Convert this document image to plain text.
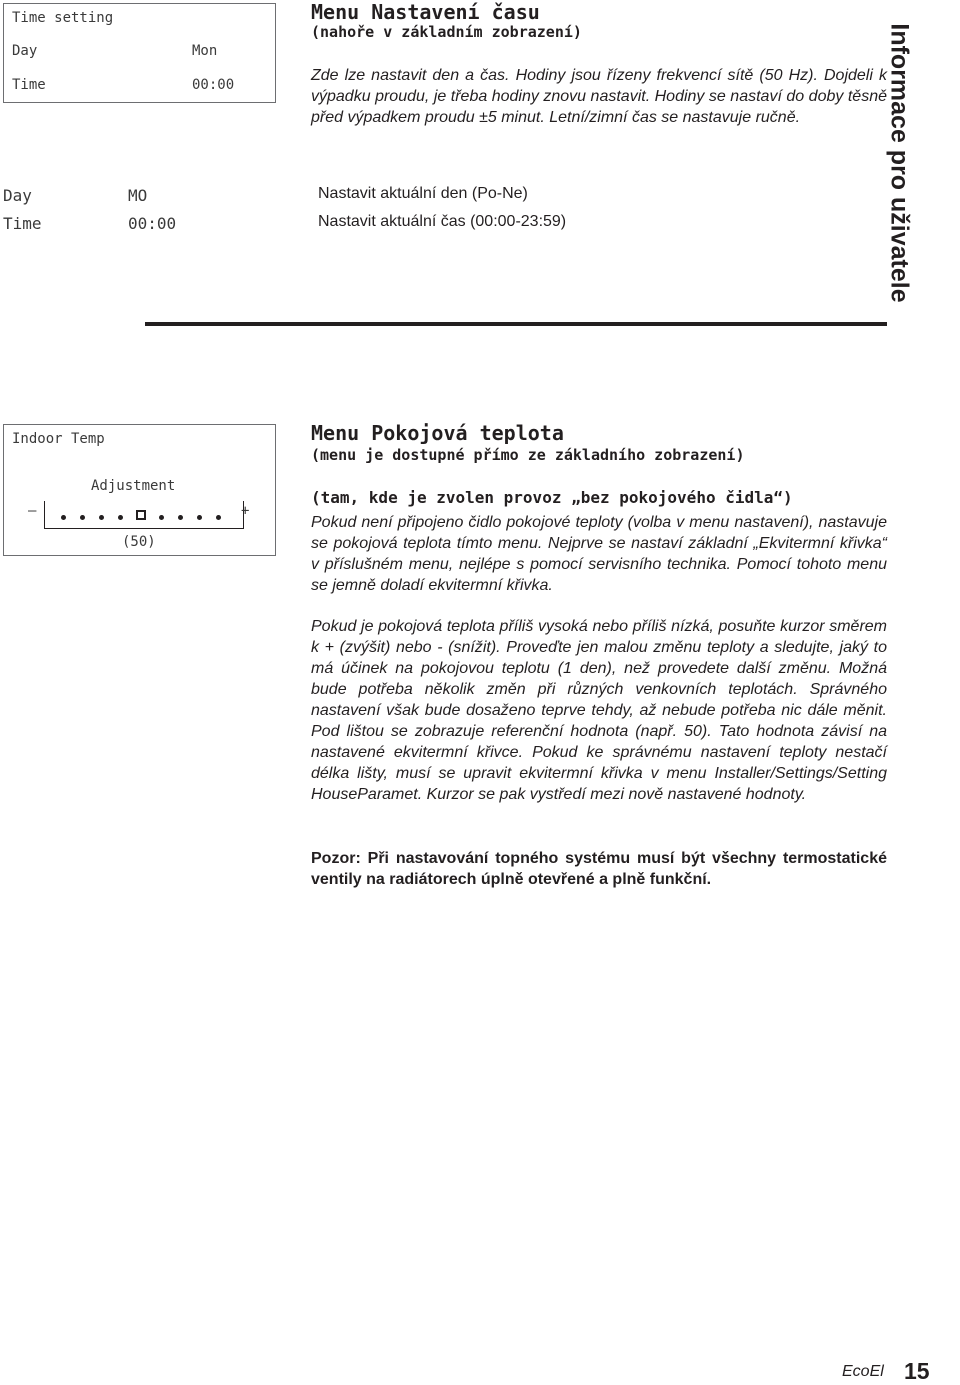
Informace pro uživatele
Time setting
Day	Mon
Time	00:00
Menu Nastavení času
(nahoře v základním zobrazení)
Zde lze nastavit den a čas. Hodiny jsou řízeny frekvencí sítě (50 Hz). Dojdeli k výpadku proudu, je třeba hodiny znovu nastavit. Hodiny se nastaví do doby těsně před výpadkem proudu ±5 minut. Letní/zimní čas se nastavuje ručně.
Day	MO	Nastavit aktuální den (Po-Ne)
Time	00:00	Nastavit aktuální čas (00:00-23:59)
Indoor Temp
Adjustment
–	+
(50)
Menu Pokojová teplota
(menu je dostupné přímo ze základního zobrazení)
(tam, kde je zvolen provoz „bez pokojového čidla“)
Pokud není připojeno čidlo pokojové teploty (volba v menu nastavení), nastavuje se pokojová teplota tímto menu. Nejprve se nastaví základní „Ekvitermní křivka“ v příslušném menu, nejlépe s pomocí servisního technika. Pomocí tohoto menu se jemně doladí ekvitermní křivka.
Pokud je pokojová teplota příliš vysoká nebo příliš nízká, posuňte kurzor směrem k + (zvýšit) nebo - (snížit). Proveďte jen malou změnu teploty a sledujte, jaký to má účinek na pokojovou teplotu (1 den), než provedete další změnu. Možná bude potřeba několik změn při různých venkovních teplotách. Správného nastavení však bude dosaženo teprve tehdy, až nebude potřeba nic dále měnit. Pod lištou se zobrazuje referenční hodnota (např. 50). Tato hodnota závisí na nastavené ekvitermní křivce. Pokud ke správnému nastavení teploty nestačí délka lišty, musí se upravit ekvitermní křivka v menu Installer/Settings/Setting HouseParamet. Kurzor se pak vystředí mezi nově nastavené hodnoty.
Pozor: Při nastavování topného systému musí být všechny termostatické ventily na radiátorech úplně otevřené a plně funkční.
EcoEl 15
